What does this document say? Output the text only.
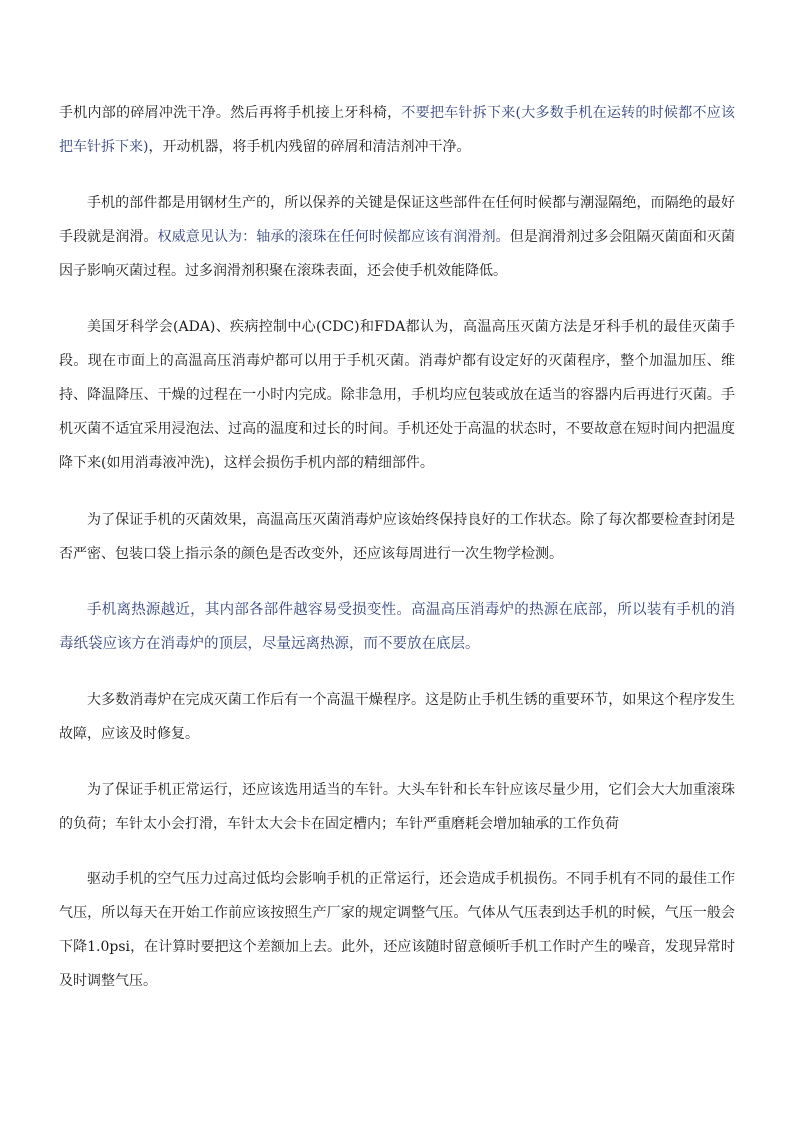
手机内部的碎屑冲洗干净。然后再将手机接上牙科椅，不要把车针拆下来(大多数手机在运转的时候都不应该把车针拆下来)，开动机器，将手机内残留的碎屑和清洁剂冲干净。

手机的部件都是用钢材生产的，所以保养的关键是保证这些部件在任何时候都与潮湿隔绝，而隔绝的最好手段就是润滑。权威意见认为：轴承的滚珠在任何时候都应该有润滑剂。但是润滑剂过多会阻隔灭菌面和灭菌因子影响灭菌过程。过多润滑剂积聚在滚珠表面，还会使手机效能降低。

美国牙科学会(ADA)、疾病控制中心(CDC)和FDA都认为，高温高压灭菌方法是牙科手机的最佳灭菌手段。现在市面上的高温高压消毒炉都可以用于手机灭菌。消毒炉都有设定好的灭菌程序，整个加温加压、维持、降温降压、干燥的过程在一小时内完成。除非急用，手机均应包装或放在适当的容器内后再进行灭菌。手机灭菌不适宜采用浸泡法、过高的温度和过长的时间。手机还处于高温的状态时，不要故意在短时间内把温度降下来(如用消毒液冲洗)，这样会损伤手机内部的精细部件。

为了保证手机的灭菌效果，高温高压灭菌消毒炉应该始终保持良好的工作状态。除了每次都要检查封闭是否严密、包装口袋上指示条的颜色是否改变外，还应该每周进行一次生物学检测。

手机离热源越近，其内部各部件越容易受损变性。高温高压消毒炉的热源在底部，所以装有手机的消毒纸袋应该方在消毒炉的顶层，尽量远离热源，而不要放在底层。

大多数消毒炉在完成灭菌工作后有一个高温干燥程序。这是防止手机生锈的重要环节，如果这个程序发生故障，应该及时修复。

为了保证手机正常运行，还应该选用适当的车针。大头车针和长车针应该尽量少用，它们会大大加重滚珠的负荷；车针太小会打滑，车针太大会卡在固定槽内；车针严重磨耗会增加轴承的工作负荷

驱动手机的空气压力过高过低均会影响手机的正常运行，还会造成手机损伤。不同手机有不同的最佳工作气压，所以每天在开始工作前应该按照生产厂家的规定调整气压。气体从气压表到达手机的时候，气压一般会下降1.0psi，在计算时要把这个差额加上去。此外，还应该随时留意倾听手机工作时产生的噪音，发现异常时及时调整气压。
